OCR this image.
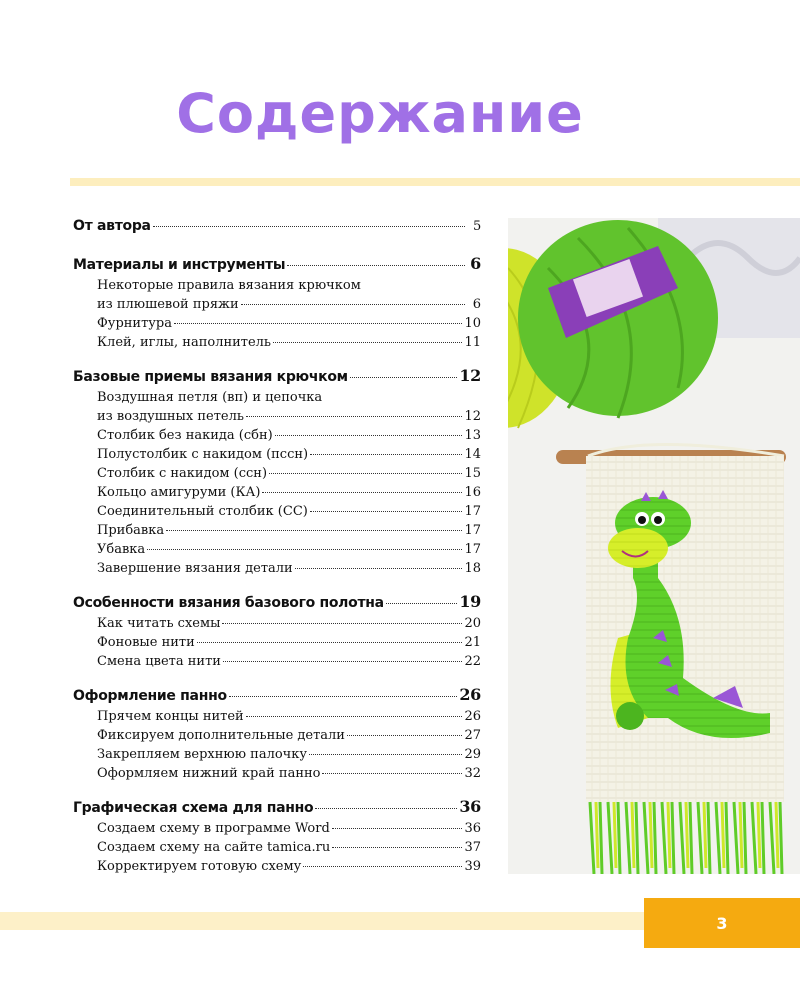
Содержание
От автора	5
Материалы и инструменты	6
Некоторые правила вязания крючком
из плюшевой пряжи	6
Фурнитура	10
Клей, иглы, наполнитель	11
Базовые приемы вязания крючком	12
Воздушная петля (вп) и цепочка
из воздушных петель	12
Столбик без накида (сбн)	13
Полустолбик с накидом (пссн)	14
Столбик с накидом (ссн)	15
Кольцо амигуруми (КА)	16
Соединительный столбик (СС)	17
Прибавка	17
Убавка	17
Завершение вязания детали	18
Особенности вязания базового полотна	19
Как читать схемы	20
Фоновые нити	21
Смена цвета нити	22
Оформление панно	26
Прячем концы нитей	26
Фиксируем дополнительные детали	27
Закрепляем верхнюю палочку	29
Оформляем нижний край панно	32
Графическая схема для панно	36
Создаем схему в программе Word	36
Создаем схему на сайте tamica.ru	37
Корректируем готовую схему	39
3
